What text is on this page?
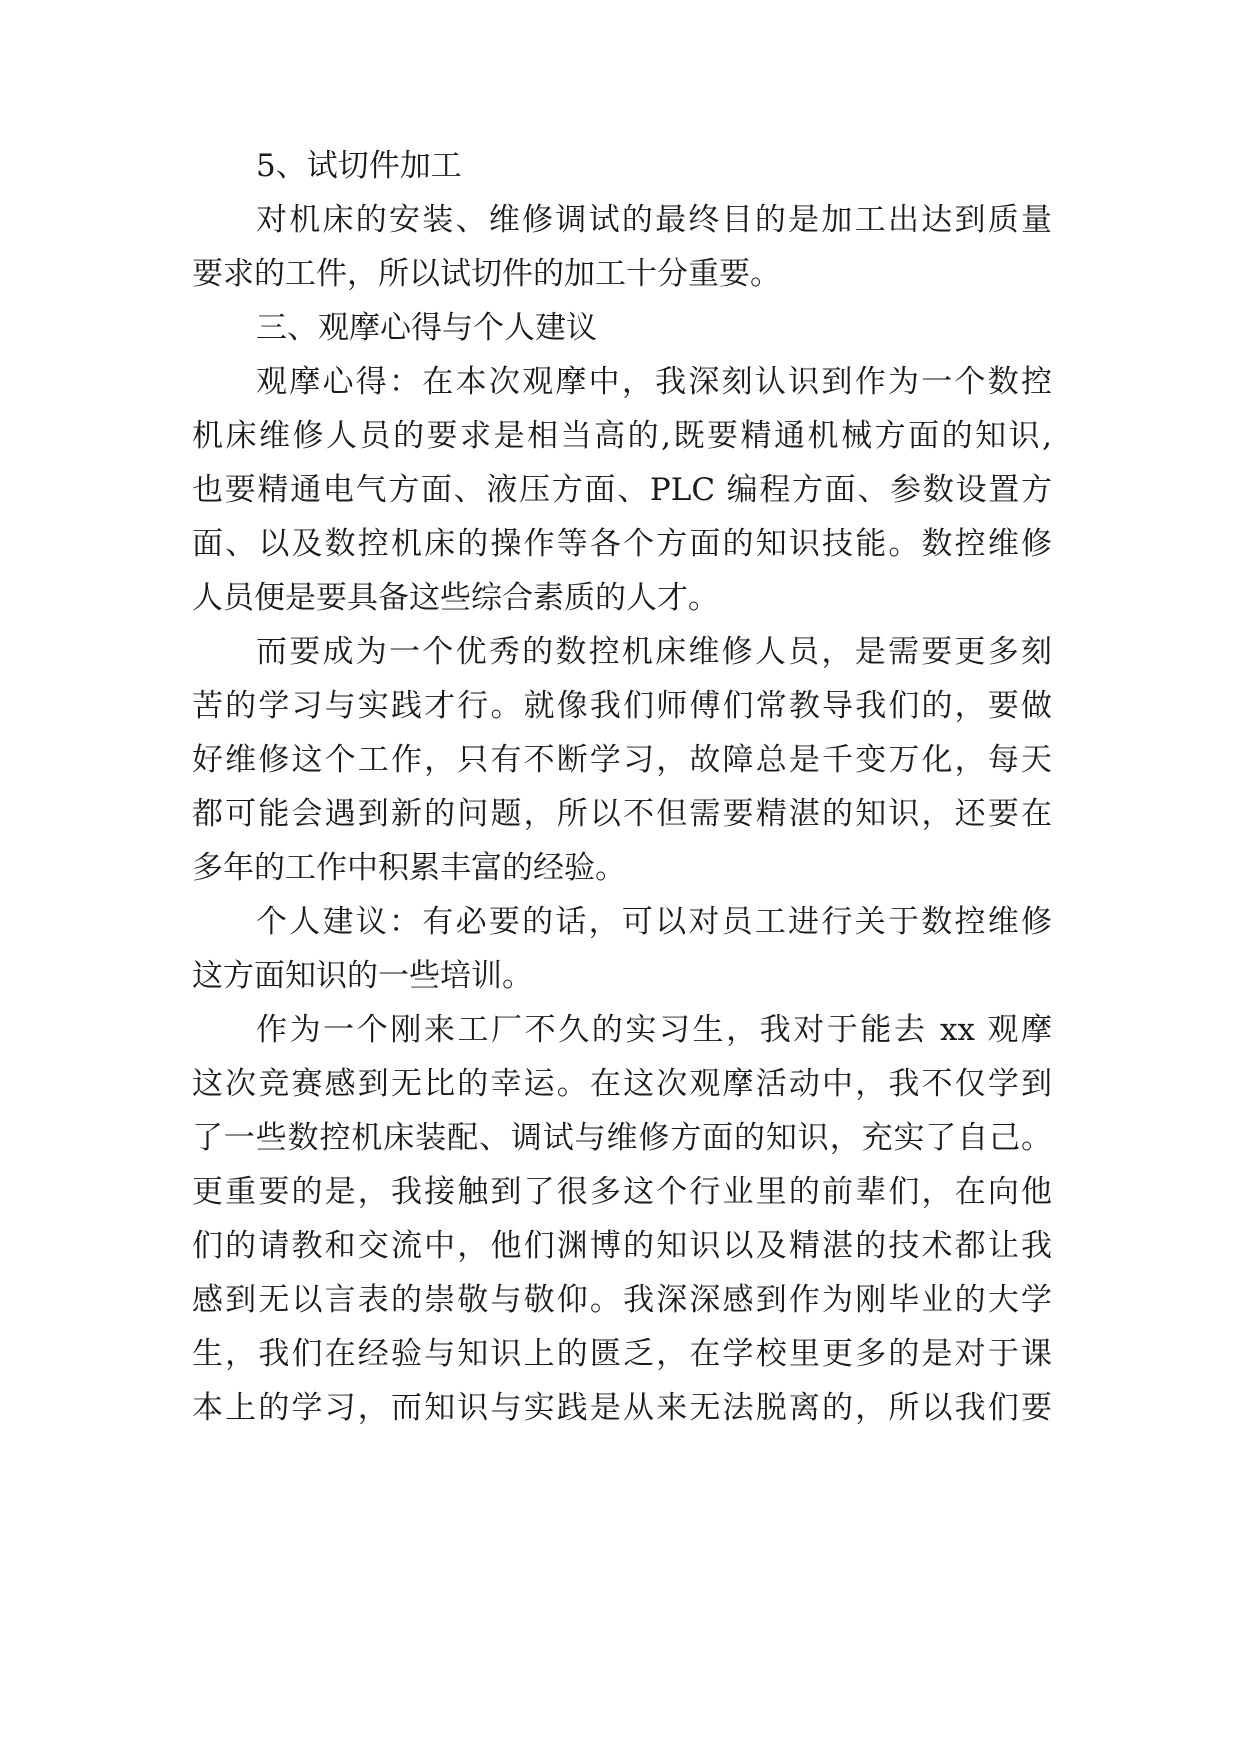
5、试切件加工
对机床的安装、维修调试的最终目的是加工出达到质量
要求的工件，所以试切件的加工十分重要。
三、观摩心得与个人建议
观摩心得：在本次观摩中，我深刻认识到作为一个数控
机床维修人员的要求是相当高的,既要精通机械方面的知识,
也要精通电气方面、液压方面、PLC 编程方面、参数设置方
面、以及数控机床的操作等各个方面的知识技能。数控维修
人员便是要具备这些综合素质的人才。
而要成为一个优秀的数控机床维修人员，是需要更多刻
苦的学习与实践才行。就像我们师傅们常教导我们的，要做
好维修这个工作，只有不断学习，故障总是千变万化，每天
都可能会遇到新的问题，所以不但需要精湛的知识，还要在
多年的工作中积累丰富的经验。
个人建议：有必要的话，可以对员工进行关于数控维修
这方面知识的一些培训。
作为一个刚来工厂不久的实习生，我对于能去 xx 观摩
这次竞赛感到无比的幸运。在这次观摩活动中，我不仅学到
了一些数控机床装配、调试与维修方面的知识，充实了自己。
更重要的是，我接触到了很多这个行业里的前辈们，在向他
们的请教和交流中，他们渊博的知识以及精湛的技术都让我
感到无以言表的崇敬与敬仰。我深深感到作为刚毕业的大学
生，我们在经验与知识上的匮乏，在学校里更多的是对于课
本上的学习，而知识与实践是从来无法脱离的，所以我们要
